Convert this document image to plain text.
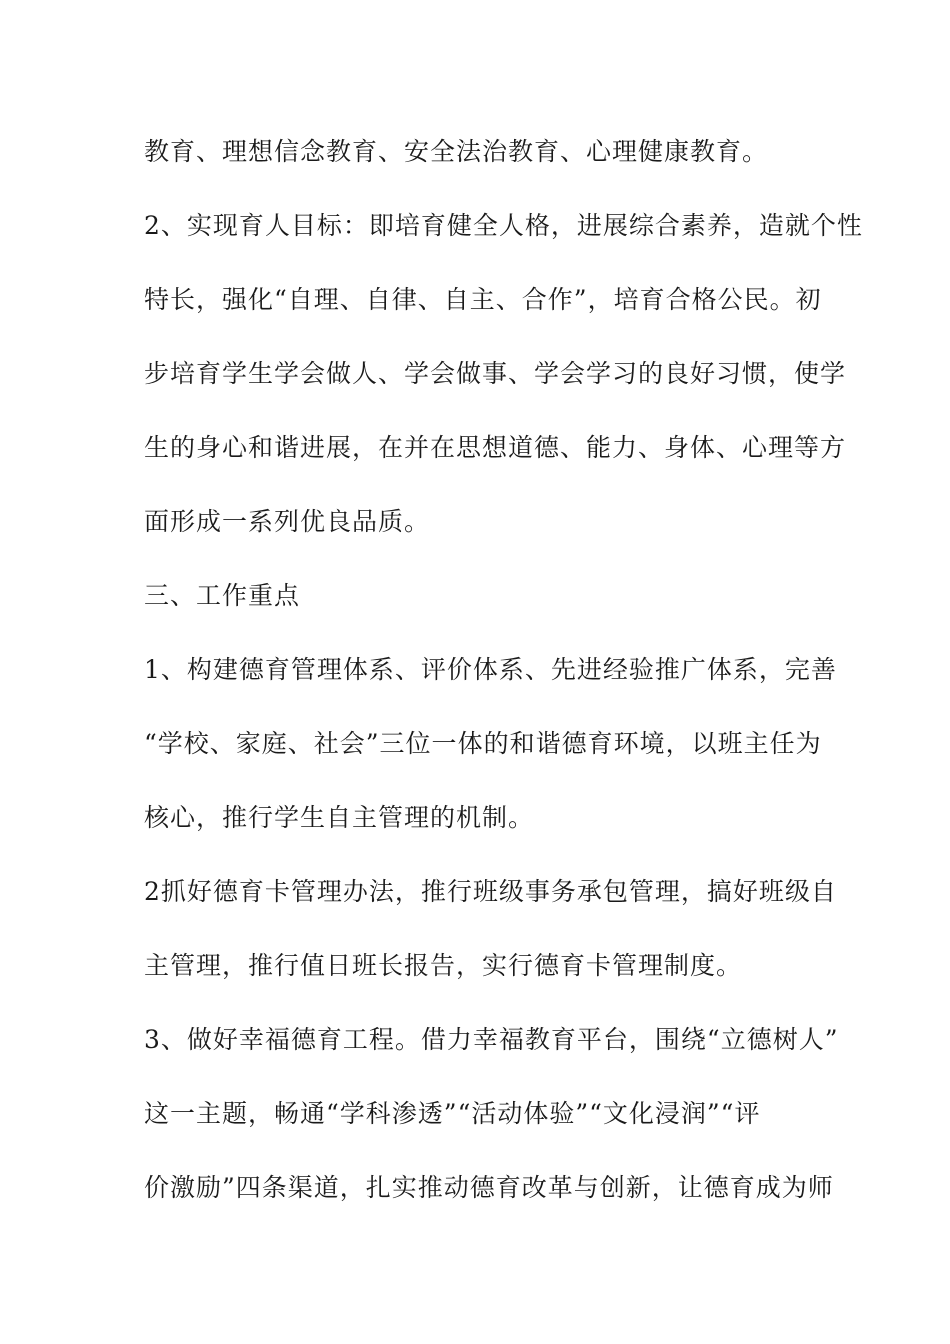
教育、理想信念教育、安全法治教育、心理健康教育。
2、实现育人目标：即培育健全人格，进展综合素养，造就个性
特长，强化“自理、自律、自主、合作”，培育合格公民。初
步培育学生学会做人、学会做事、学会学习的良好习惯，使学
生的身心和谐进展，在并在思想道德、能力、身体、心理等方
面形成一系列优良品质。
三、工作重点
1、构建德育管理体系、评价体系、先进经验推广体系，完善
“学校、家庭、社会”三位一体的和谐德育环境，以班主任为
核心，推行学生自主管理的机制。
2抓好德育卡管理办法，推行班级事务承包管理，搞好班级自
主管理，推行值日班长报告，实行德育卡管理制度。
3、做好幸福德育工程。借力幸福教育平台，围绕“立德树人”
这一主题，畅通“学科渗透”“活动体验”“文化浸润”“评
价激励”四条渠道，扎实推动德育改革与创新，让德育成为师
